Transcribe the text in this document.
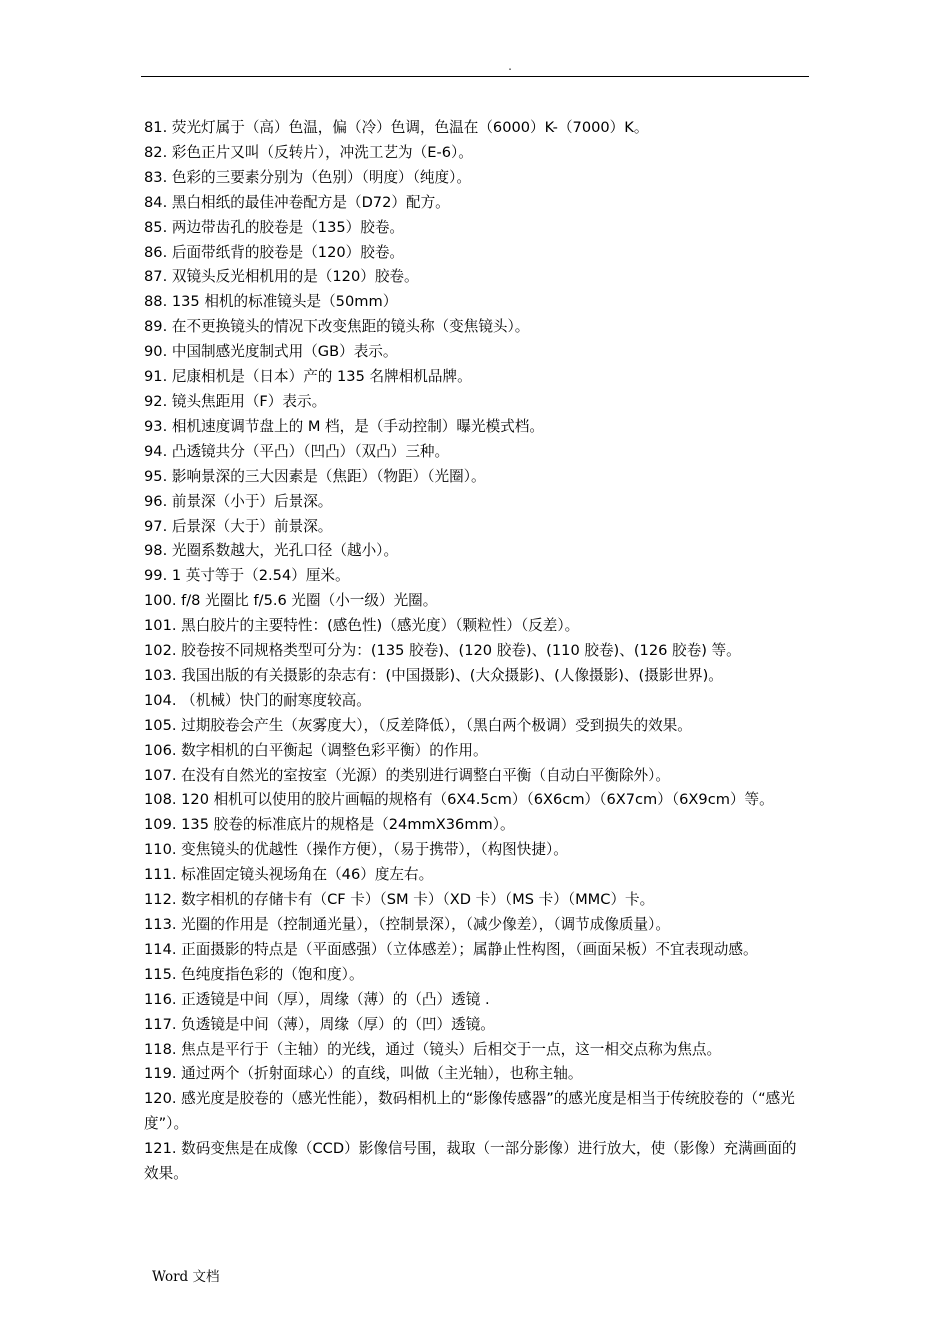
.

81. 荧光灯属于（高）色温，偏（冷）色调，色温在（6000）K-（7000）K。

82. 彩色正片又叫（反转片），冲洗工艺为（E-6）。

83. 色彩的三要素分别为（色别）（明度）（纯度）。

84. 黑白相纸的最佳冲卷配方是（D72）配方。

85. 两边带齿孔的胶卷是（135）胶卷。

86. 后面带纸背的胶卷是（120）胶卷。

87. 双镜头反光相机用的是（120）胶卷。

88. 135 相机的标准镜头是（50mm）

89. 在不更换镜头的情况下改变焦距的镜头称（变焦镜头）。

90. 中国制感光度制式用（GB）表示。

91. 尼康相机是（日本）产的 135 名牌相机品牌。

92. 镜头焦距用（F）表示。

93. 相机速度调节盘上的 M 档，是（手动控制）曝光模式档。

94. 凸透镜共分（平凸）（凹凸）（双凸）三种。

95. 影响景深的三大因素是（焦距）（物距）（光圈）。

96. 前景深（小于）后景深。

97. 后景深（大于）前景深。

98. 光圈系数越大，光孔口径（越小）。

99. 1 英寸等于（2.54）厘米。

100. f/8 光圈比 f/5.6 光圈（小一级）光圈。

101. 黑白胶片的主要特性：(感色性)（感光度）（颗粒性）（反差）。

102. 胶卷按不同规格类型可分为：(135 胶卷)、(120 胶卷)、(110 胶卷)、(126 胶卷) 等。

103. 我国出版的有关摄影的杂志有：(中国摄影)、(大众摄影)、(人像摄影)、(摄影世界)。

104. （机械）快门的耐寒度较高。

105. 过期胶卷会产生（灰雾度大），（反差降低），（黑白两个极调）受到损失的效果。

106. 数字相机的白平衡起（调整色彩平衡）的作用。

107. 在没有自然光的室按室（光源）的类别进行调整白平衡（自动白平衡除外）。

108. 120 相机可以使用的胶片画幅的规格有（6X4.5cm）（6X6cm）（6X7cm）（6X9cm）等。

109. 135 胶卷的标准底片的规格是（24mmX36mm）。

110. 变焦镜头的优越性（操作方便），（易于携带），（构图快捷）。

111. 标准固定镜头视场角在（46）度左右。

112. 数字相机的存储卡有（CF 卡）（SM 卡）（XD 卡）（MS 卡）（MMC）卡。

113. 光圈的作用是（控制通光量），（控制景深），（减少像差），（调节成像质量）。

114. 正面摄影的特点是（平面感强）（立体感差）；属静止性构图，（画面呆板）不宜表现动感。

115. 色纯度指色彩的（饱和度）。

116. 正透镜是中间（厚），周缘（薄）的（凸）透镜 .

117. 负透镜是中间（薄），周缘（厚）的（凹）透镜。

118. 焦点是平行于（主轴）的光线，通过（镜头）后相交于一点，这一相交点称为焦点。

119. 通过两个（折射面球心）的直线，叫做（主光轴），也称主轴。

120. 感光度是胶卷的（感光性能），数码相机上的“影像传感器”的感光度是相当于传统胶卷的（“感光度”）。

121. 数码变焦是在成像（CCD）影像信号围，裁取（一部分影像）进行放大，使（影像）充满画面的效果。

Word 文档
